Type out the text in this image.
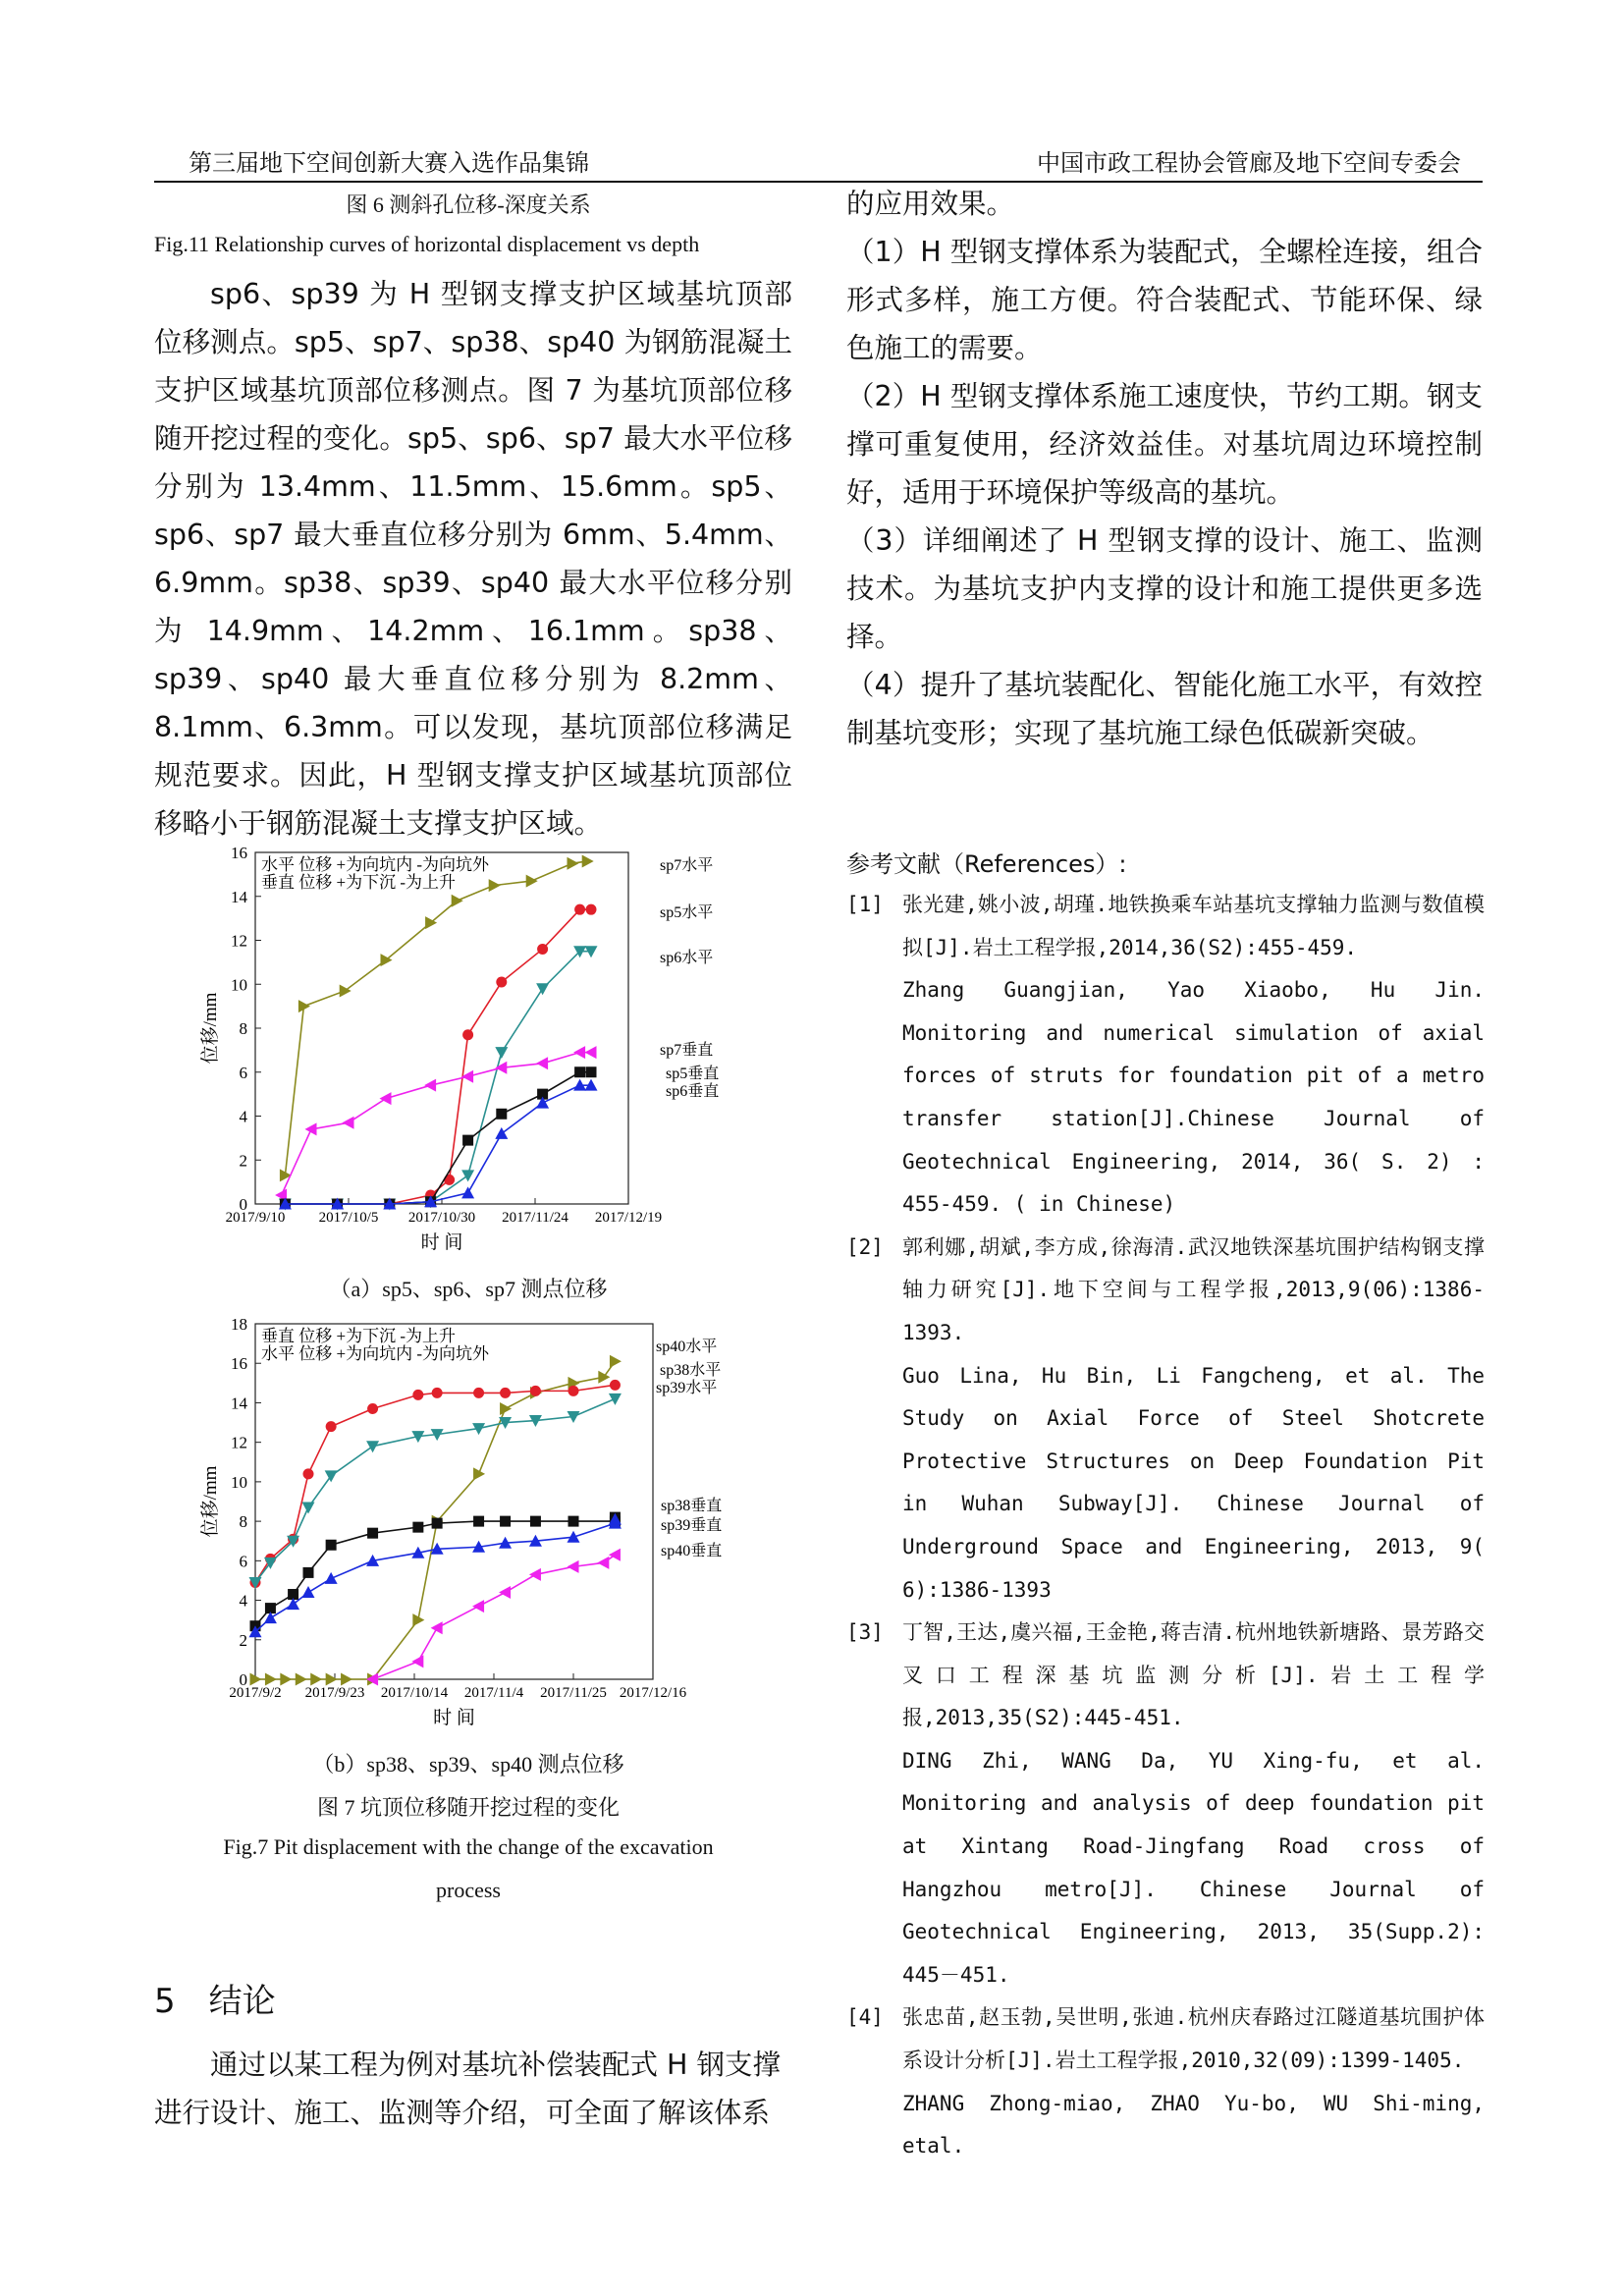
第三届地下空间创新大赛入选作品集锦	中国市政工程协会管廊及地下空间专委会
图 6 测斜孔位移-深度关系
Fig.11 Relationship curves of horizontal displacement vs depth

sp6、sp39 为 H 型钢支撑支护区域基坑顶部位移测点。sp5、sp7、sp38、sp40 为钢筋混凝土支护区域基坑顶部位移测点。图 7 为基坑顶部位移随开挖过程的变化。sp5、sp6、sp7 最大水平位移分别为 13.4mm、11.5mm、15.6mm。sp5、sp6、sp7 最大垂直位移分别为 6mm、5.4mm、6.9mm。sp38、sp39、sp40 最大水平位移分别为 14.9mm、14.2mm、16.1mm。sp38、sp39、sp40 最大垂直位移分别为 8.2mm、8.1mm、6.3mm。可以发现，基坑顶部位移满足规范要求。因此，H 型钢支撑支护区域基坑顶部位移略小于钢筋混凝土支撑支护区域。

0
2
4
6
8
10
12
14
16
2017/9/10 2017/10/5 2017/10/30 2017/11/24 2017/12/19
时 间
位移/mm
水平 位移 +为向坑内 -为向坑外
垂直 位移 +为下沉 -为上升
sp7水平
sp5水平
sp6水平
sp7垂直
sp5垂直
sp6垂直
（a）sp5、sp6、sp7 测点位移
0
2
4
6
8
10
12
14
16
18
2017/9/2 2017/9/23 2017/10/14 2017/11/4 2017/11/25 2017/12/16
时 间
位移/mm
垂直 位移 +为下沉 -为上升
水平 位移 +为向坑内 -为向坑外	sp40水平
sp38水平
sp39水平
sp38垂直
sp39垂直
sp40垂直
（b）sp38、sp39、sp40 测点位移
图 7 坑顶位移随开挖过程的变化
Fig.7 Pit displacement with the change of the excavation
process
5 结论

通过以某工程为例对基坑补偿装配式 H 钢支撑

进行设计、施工、监测等介绍，可全面了解该体系

的应用效果。

（1）H 型钢支撑体系为装配式，全螺栓连接，组合形式多样，施工方便。符合装配式、节能环保、绿色施工的需要。

（2）H 型钢支撑体系施工速度快，节约工期。钢支撑可重复使用，经济效益佳。对基坑周边环境控制好，适用于环境保护等级高的基坑。

（3）详细阐述了 H 型钢支撑的设计、施工、监测技术。为基坑支护内支撑的设计和施工提供更多选择。

（4）提升了基坑装配化、智能化施工水平，有效控制基坑变形；实现了基坑施工绿色低碳新突破。

参考文献（References）:
[1] 张光建,姚小波,胡瑾.地铁换乘车站基坑支撑轴力监测与数值模拟[J].岩土工程学报,2014,36(S2):455-459.
Zhang Guangjian, Yao Xiaobo, Hu Jin. Monitoring and numerical simulation of axial forces of struts for foundation pit of a metro transfer station[J].Chinese Journal of Geotechnical Engineering, 2014, 36( S. 2) : 455-459. ( in Chinese)
[2] 郭利娜,胡斌,李方成,徐海清.武汉地铁深基坑围护结构钢支撑轴力研究[J].地下空间与工程学报,2013,9(06):1386-1393.
Guo Lina, Hu Bin, Li Fangcheng, et al. The Study on Axial Force of Steel Shotcrete Protective Structures on Deep Foundation Pit in Wuhan Subway[J]. Chinese Journal of Underground Space and Engineering, 2013, 9( 6):1386-1393
[3] 丁智,王达,虞兴福,王金艳,蒋吉清.杭州地铁新塘路、景芳路交叉口工程深基坑监测分析[J].岩土工程学报,2013,35(S2):445-451.
DING Zhi, WANG Da, YU Xing-fu, et al. Monitoring and analysis of deep foundation pit at Xintang Road-Jingfang Road cross of Hangzhou metro[J]. Chinese Journal of Geotechnical Engineering, 2013, 35(Supp.2): 445－451.
[4] 张忠苗,赵玉勃,吴世明,张迪.杭州庆春路过江隧道基坑围护体系设计分析[J].岩土工程学报,2010,32(09):1399-1405.
ZHANG Zhong-miao, ZHAO Yu-bo, WU Shi-ming, etal.
